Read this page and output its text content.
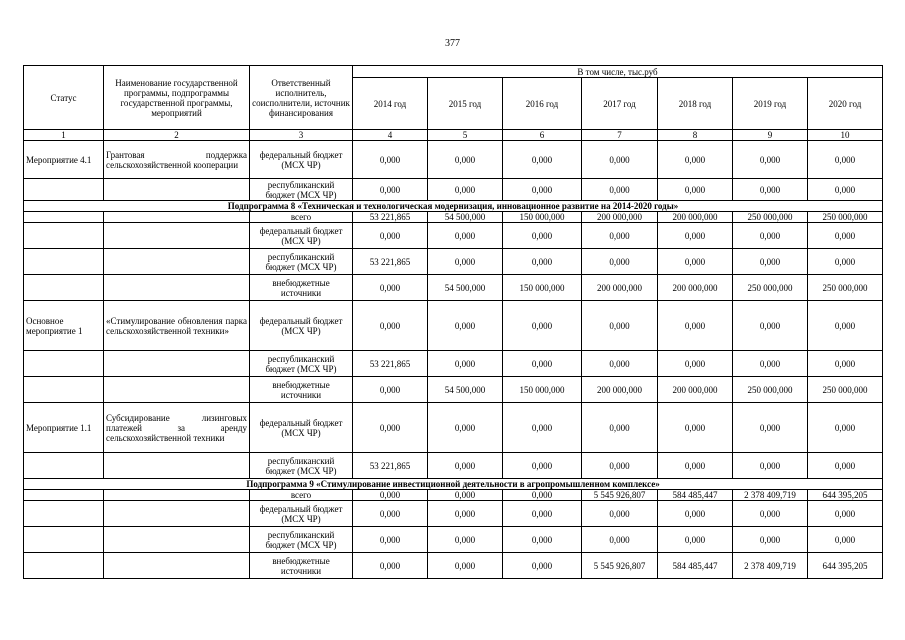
377
Статус	Наименование государственной программы, подпрограммы государственной программы, мероприятий	Ответственный исполнитель, соисполнители, источник финансирования	В том числе, тыс.руб						
			2014 год	2015 год	2016 год	2017 год	2018 год	2019 год	2020 год
1	2	3	4	5	6	7	8	9	10
Мероприятие 4.1	Грантовая поддержка сельскохозяйственной кооперации	федеральный бюджет (МСХ ЧР)	0,000	0,000	0,000	0,000	0,000	0,000	0,000
		республиканский бюджет (МСХ ЧР)	0,000	0,000	0,000	0,000	0,000	0,000	0,000
Подпрограмма 8 «Техническая и технологическая модернизация, инновационное развитие на 2014-2020 годы»									
		всего	53 221,865	54 500,000	150 000,000	200 000,000	200 000,000	250 000,000	250 000,000
		федеральный бюджет (МСХ ЧР)	0,000	0,000	0,000	0,000	0,000	0,000	0,000
		республиканский бюджет (МСХ ЧР)	53 221,865	0,000	0,000	0,000	0,000	0,000	0,000
		внебюджетные источники	0,000	54 500,000	150 000,000	200 000,000	200 000,000	250 000,000	250 000,000
Основное мероприятие 1	«Стимулирование обновления парка сельскохозяйственной техники»	федеральный бюджет (МСХ ЧР)	0,000	0,000	0,000	0,000	0,000	0,000	0,000
		республиканский бюджет (МСХ ЧР)	53 221,865	0,000	0,000	0,000	0,000	0,000	0,000
		внебюджетные источники	0,000	54 500,000	150 000,000	200 000,000	200 000,000	250 000,000	250 000,000
Мероприятие 1.1	Субсидирование лизинговых платежей за аренду сельскохозяйственной техники	федеральный бюджет (МСХ ЧР)	0,000	0,000	0,000	0,000	0,000	0,000	0,000
		республиканский бюджет (МСХ ЧР)	53 221,865	0,000	0,000	0,000	0,000	0,000	0,000
Подпрограмма 9 «Стимулирование инвестиционной деятельности в агропромышленном комплексе»									
		всего	0,000	0,000	0,000	5 545 926,807	584 485,447	2 378 409,719	644 395,205
		федеральный бюджет (МСХ ЧР)	0,000	0,000	0,000	0,000	0,000	0,000	0,000
		республиканский бюджет (МСХ ЧР)	0,000	0,000	0,000	0,000	0,000	0,000	0,000
		внебюджетные источники	0,000	0,000	0,000	5 545 926,807	584 485,447	2 378 409,719	644 395,205
